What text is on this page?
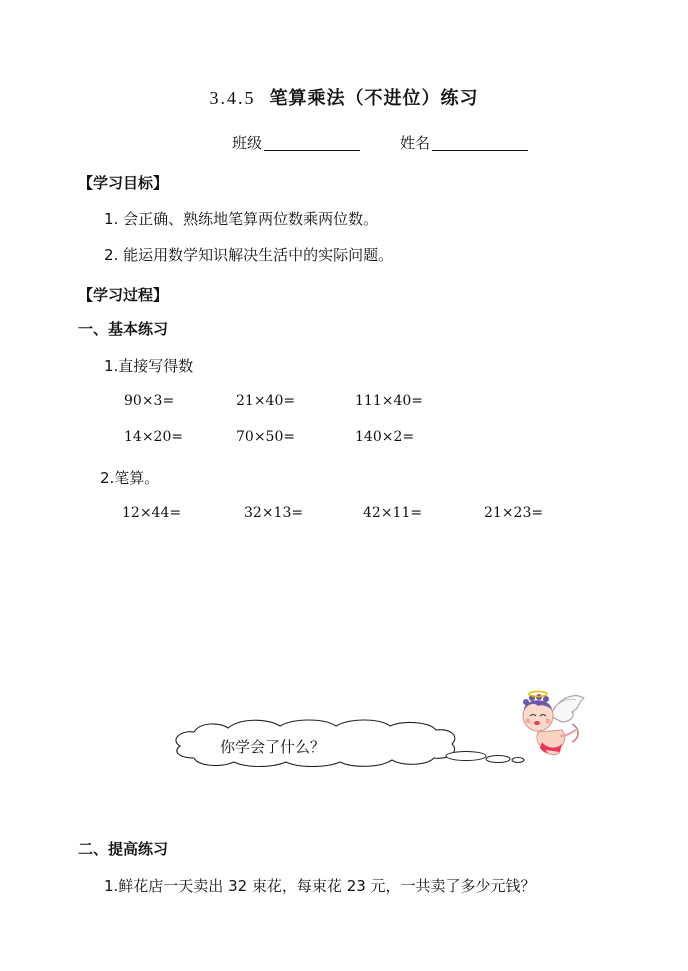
3.4.5 笔算乘法（不进位）练习
班级	姓名
【学习目标】
1. 会正确、熟练地笔算两位数乘两位数。
2. 能运用数学知识解决生活中的实际问题。
【学习过程】
一、基本练习
1.直接写得数
90×3=	21×40=	111×40=
14×20=	70×50=	140×2=
2.笔算。
12×44=	32×13=	42×11=	21×23=
你学会了什么？
二、提高练习
1.鲜花店一天卖出 32 束花，每束花 23 元，一共卖了多少元钱？
